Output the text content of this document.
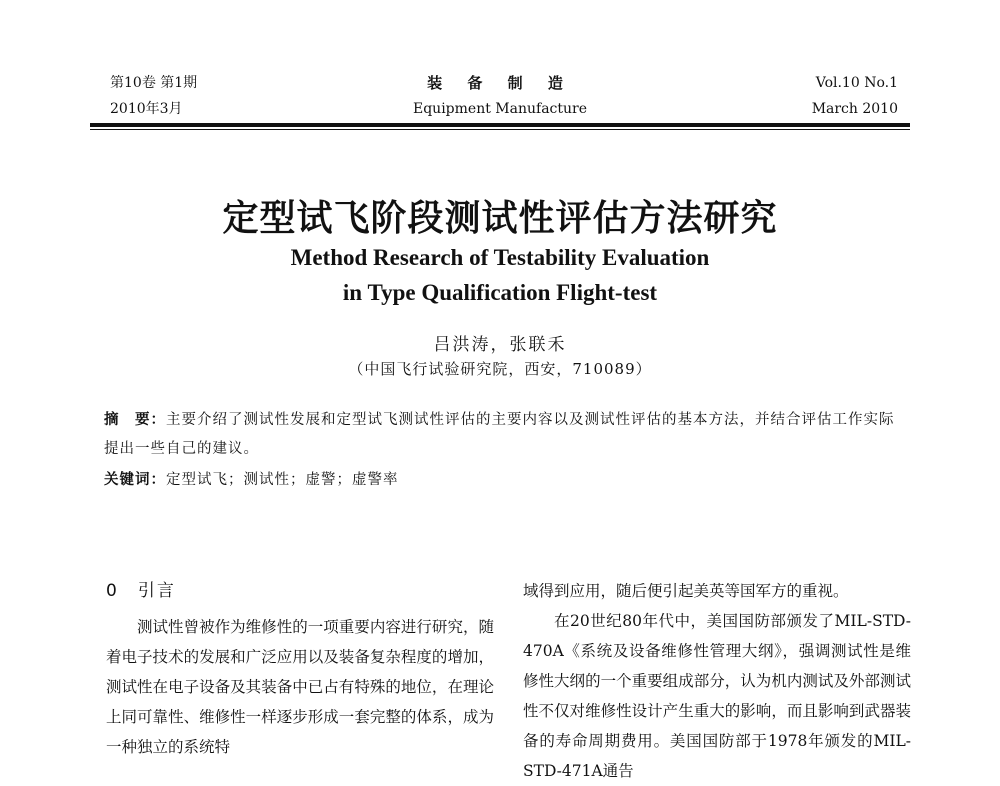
第10卷 第1期
2010年3月
装 备 制 造
Equipment Manufacture
Vol.10 No.1
March 2010
定型试飞阶段测试性评估方法研究
Method Research of Testability Evaluation
in Type Qualification Flight-test
吕洪涛，张联禾
（中国飞行试验研究院，西安，710089）
摘　要：主要介绍了测试性发展和定型试飞测试性评估的主要内容以及测试性评估的基本方法，并结合评估工作实际提出一些自己的建议。
关键词：定型试飞；测试性；虚警；虚警率
0　引言

测试性曾被作为维修性的一项重要内容进行研究，随着电子技术的发展和广泛应用以及装备复杂程度的增加，测试性在电子设备及其装备中已占有特殊的地位，在理论上同可靠性、维修性一样逐步形成一套完整的体系，成为一种独立的系统特

域得到应用，随后便引起美英等国军方的重视。

在20世纪80年代中，美国国防部颁发了MIL-STD-470A《系统及设备维修性管理大纲》，强调测试性是维修性大纲的一个重要组成部分，认为机内测试及外部测试性不仅对维修性设计产生重大的影响，而且影响到武器装备的寿命周期费用。美国国防部于1978年颁发的MIL-STD-471A通告
